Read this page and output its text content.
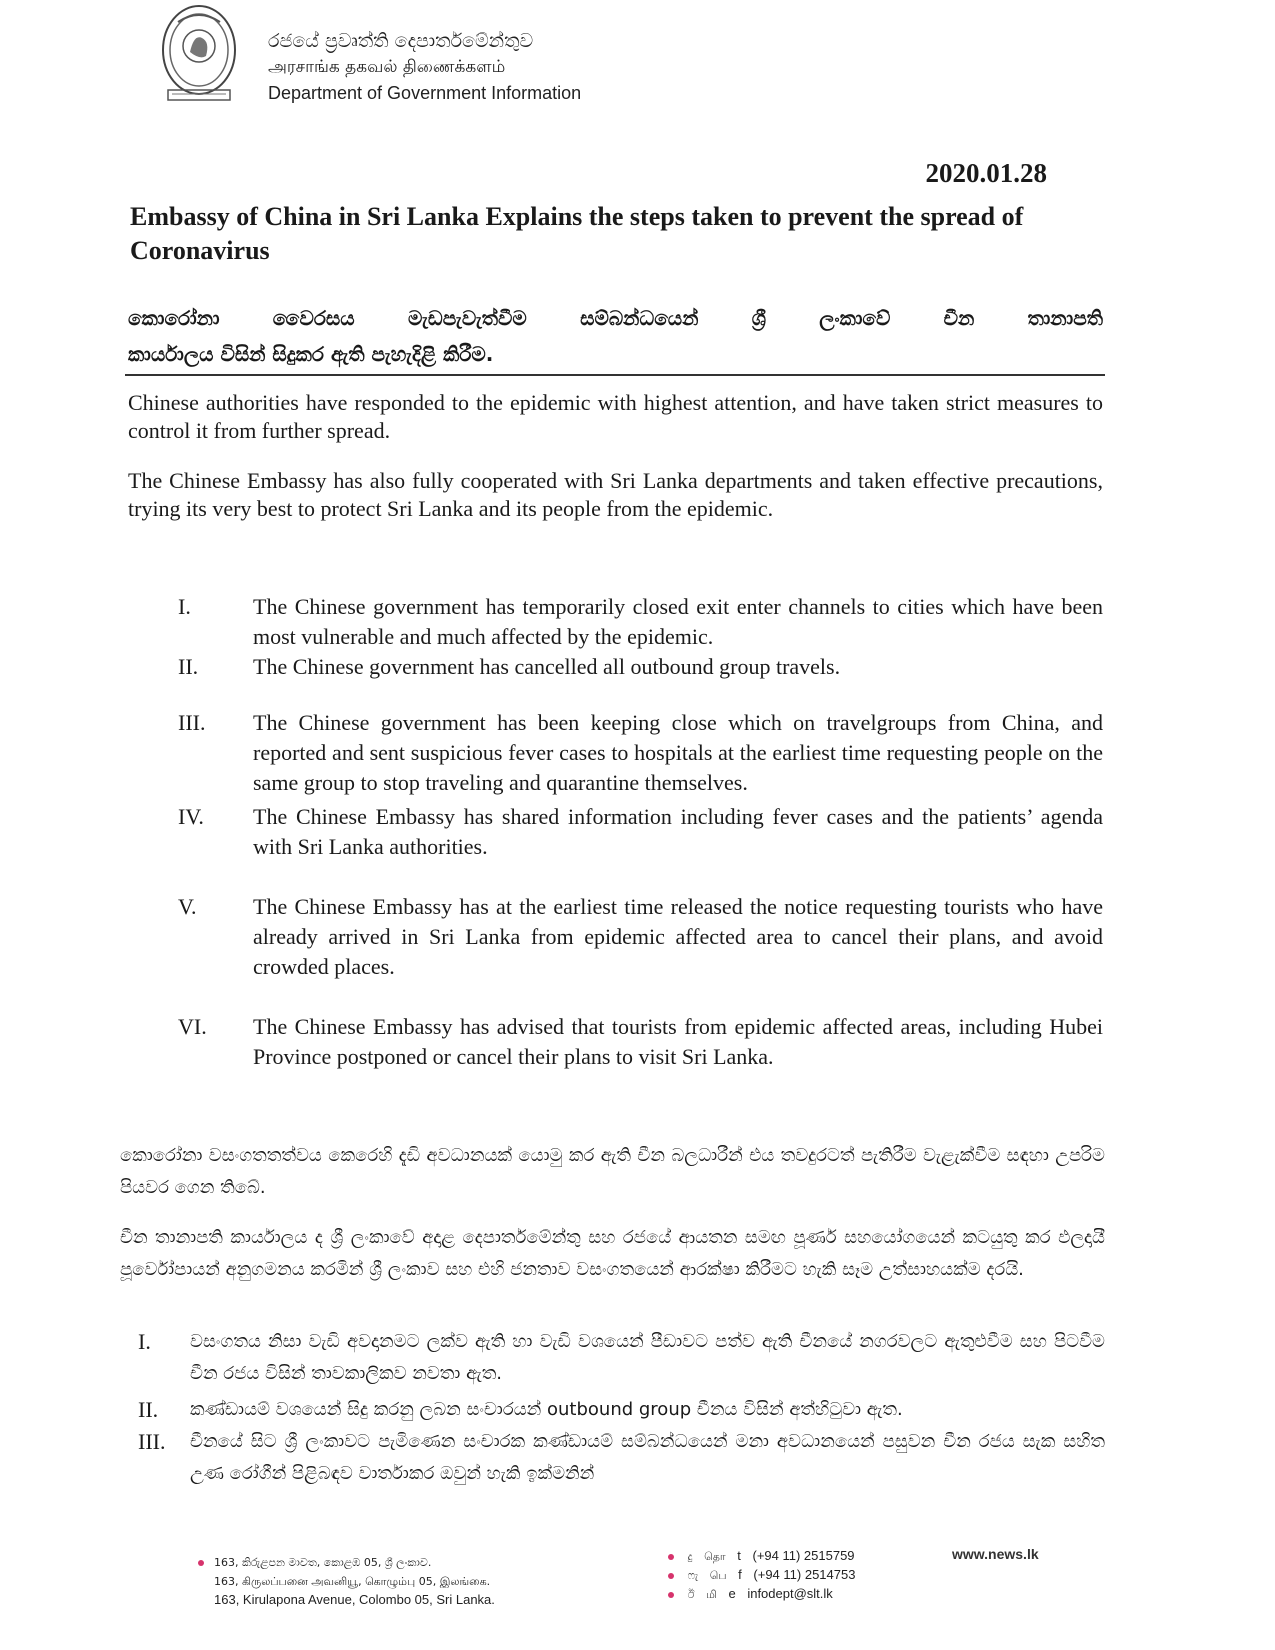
රජයේ ප්‍රවෘත්ති දෙපාර්තමේන්තුව
அரசாங்க தகவல் திணைக்களம்
Department of Government Information
2020.01.28
Embassy of China in Sri Lanka Explains the steps taken to prevent the spread of Coronavirus
කොරෝනා වෛරසය මැඩපැවැත්වීම සම්බන්ධයෙන් ශ්‍රී ලංකාවේ චීන තානාපති
කාර්යාලය විසින් සිදුකර ඇති පැහැදිළි කිරීම.
Chinese authorities have responded to the epidemic with highest attention, and have taken strict measures to control it from further spread.
The Chinese Embassy has also fully cooperated with Sri Lanka departments and taken effective precautions, trying its very best to protect Sri Lanka and its people from the epidemic.
I.	The Chinese government has temporarily closed exit enter channels to cities which have been most vulnerable and much affected by the epidemic.
II.	The Chinese government has cancelled all outbound group travels.
III.	The Chinese government has been keeping close which on travelgroups from China, and reported and sent suspicious fever cases to hospitals at the earliest time requesting people on the same group to stop traveling and quarantine themselves.
IV.	The Chinese Embassy has shared information including fever cases and the patients’ agenda with Sri Lanka authorities.
V.	The Chinese Embassy has at the earliest time released the notice requesting tourists who have already arrived in Sri Lanka from epidemic affected area to cancel their plans, and avoid crowded places.
VI.	The Chinese Embassy has advised that tourists from epidemic affected areas, including Hubei Province postponed or cancel their plans to visit Sri Lanka.
කොරෝනා වසංගතතත්වය කෙරෙහි දැඩි අවධානයක් යොමු කර ඇති චීන බලධාරීන් එය තවදුරටත් පැතිරීම වැළැක්වීම සඳහා උපරිම පියවර ගෙන තිබේ.
චීන තානාපති කාර්යාලය ද ශ්‍රී ලංකාවේ අදාළ දෙපාර්තමේන්තු සහ රජයේ ආයතන සමඟ පූර්ණ සහයෝගයෙන් කටයුතු කර ඵලදායී පූර්වෝපායන් අනුගමනය කරමින් ශ්‍රී ලංකාව සහ එහි ජනතාව වසංගතයෙන් ආරක්ෂා කිරීමට හැකි සෑම උත්සාහයක්ම දරයි.
I.	වසංගතය නිසා වැඩි අවදානමට ලක්ව ඇති හා වැඩි වශයෙන් පීඩාවට පත්ව ඇති චීනයේ නගරවලට ඇතුළුවීම සහ පිටවීම චීන රජය විසින් තාවකාලිකව නවතා ඇත.
II.	කණ්ඩායම් වශයෙන් සිදු කරනු ලබන සංචාරයන් outbound group චීනය විසින් අත්හිටුවා ඇත.
III.	චීනයේ සිට ශ්‍රී ලංකාවට පැමිණෙන සංචාරක කණ්ඩායම් සම්බන්ධයෙන් මනා අවධානයෙන් පසුවන චීන රජය සැක සහිත උණ රෝගීන් පිළිබඳව වාර්තාකර ඔවුන් හැකි ඉක්මනින්
163, කිරුළපන මාවත, කොළඹ 05, ශ්‍රී ලංකාව.
163, கிருலப்பனை அவனியூ, கொழும்பு 05, இலங்கை.
163, Kirulapona Avenue, Colombo 05, Sri Lanka.
දු தொ t (+94 11) 2515759
ෆැ பெ f (+94 11) 2514753
ඊ மி e infodept@slt.lk
www.news.lk
